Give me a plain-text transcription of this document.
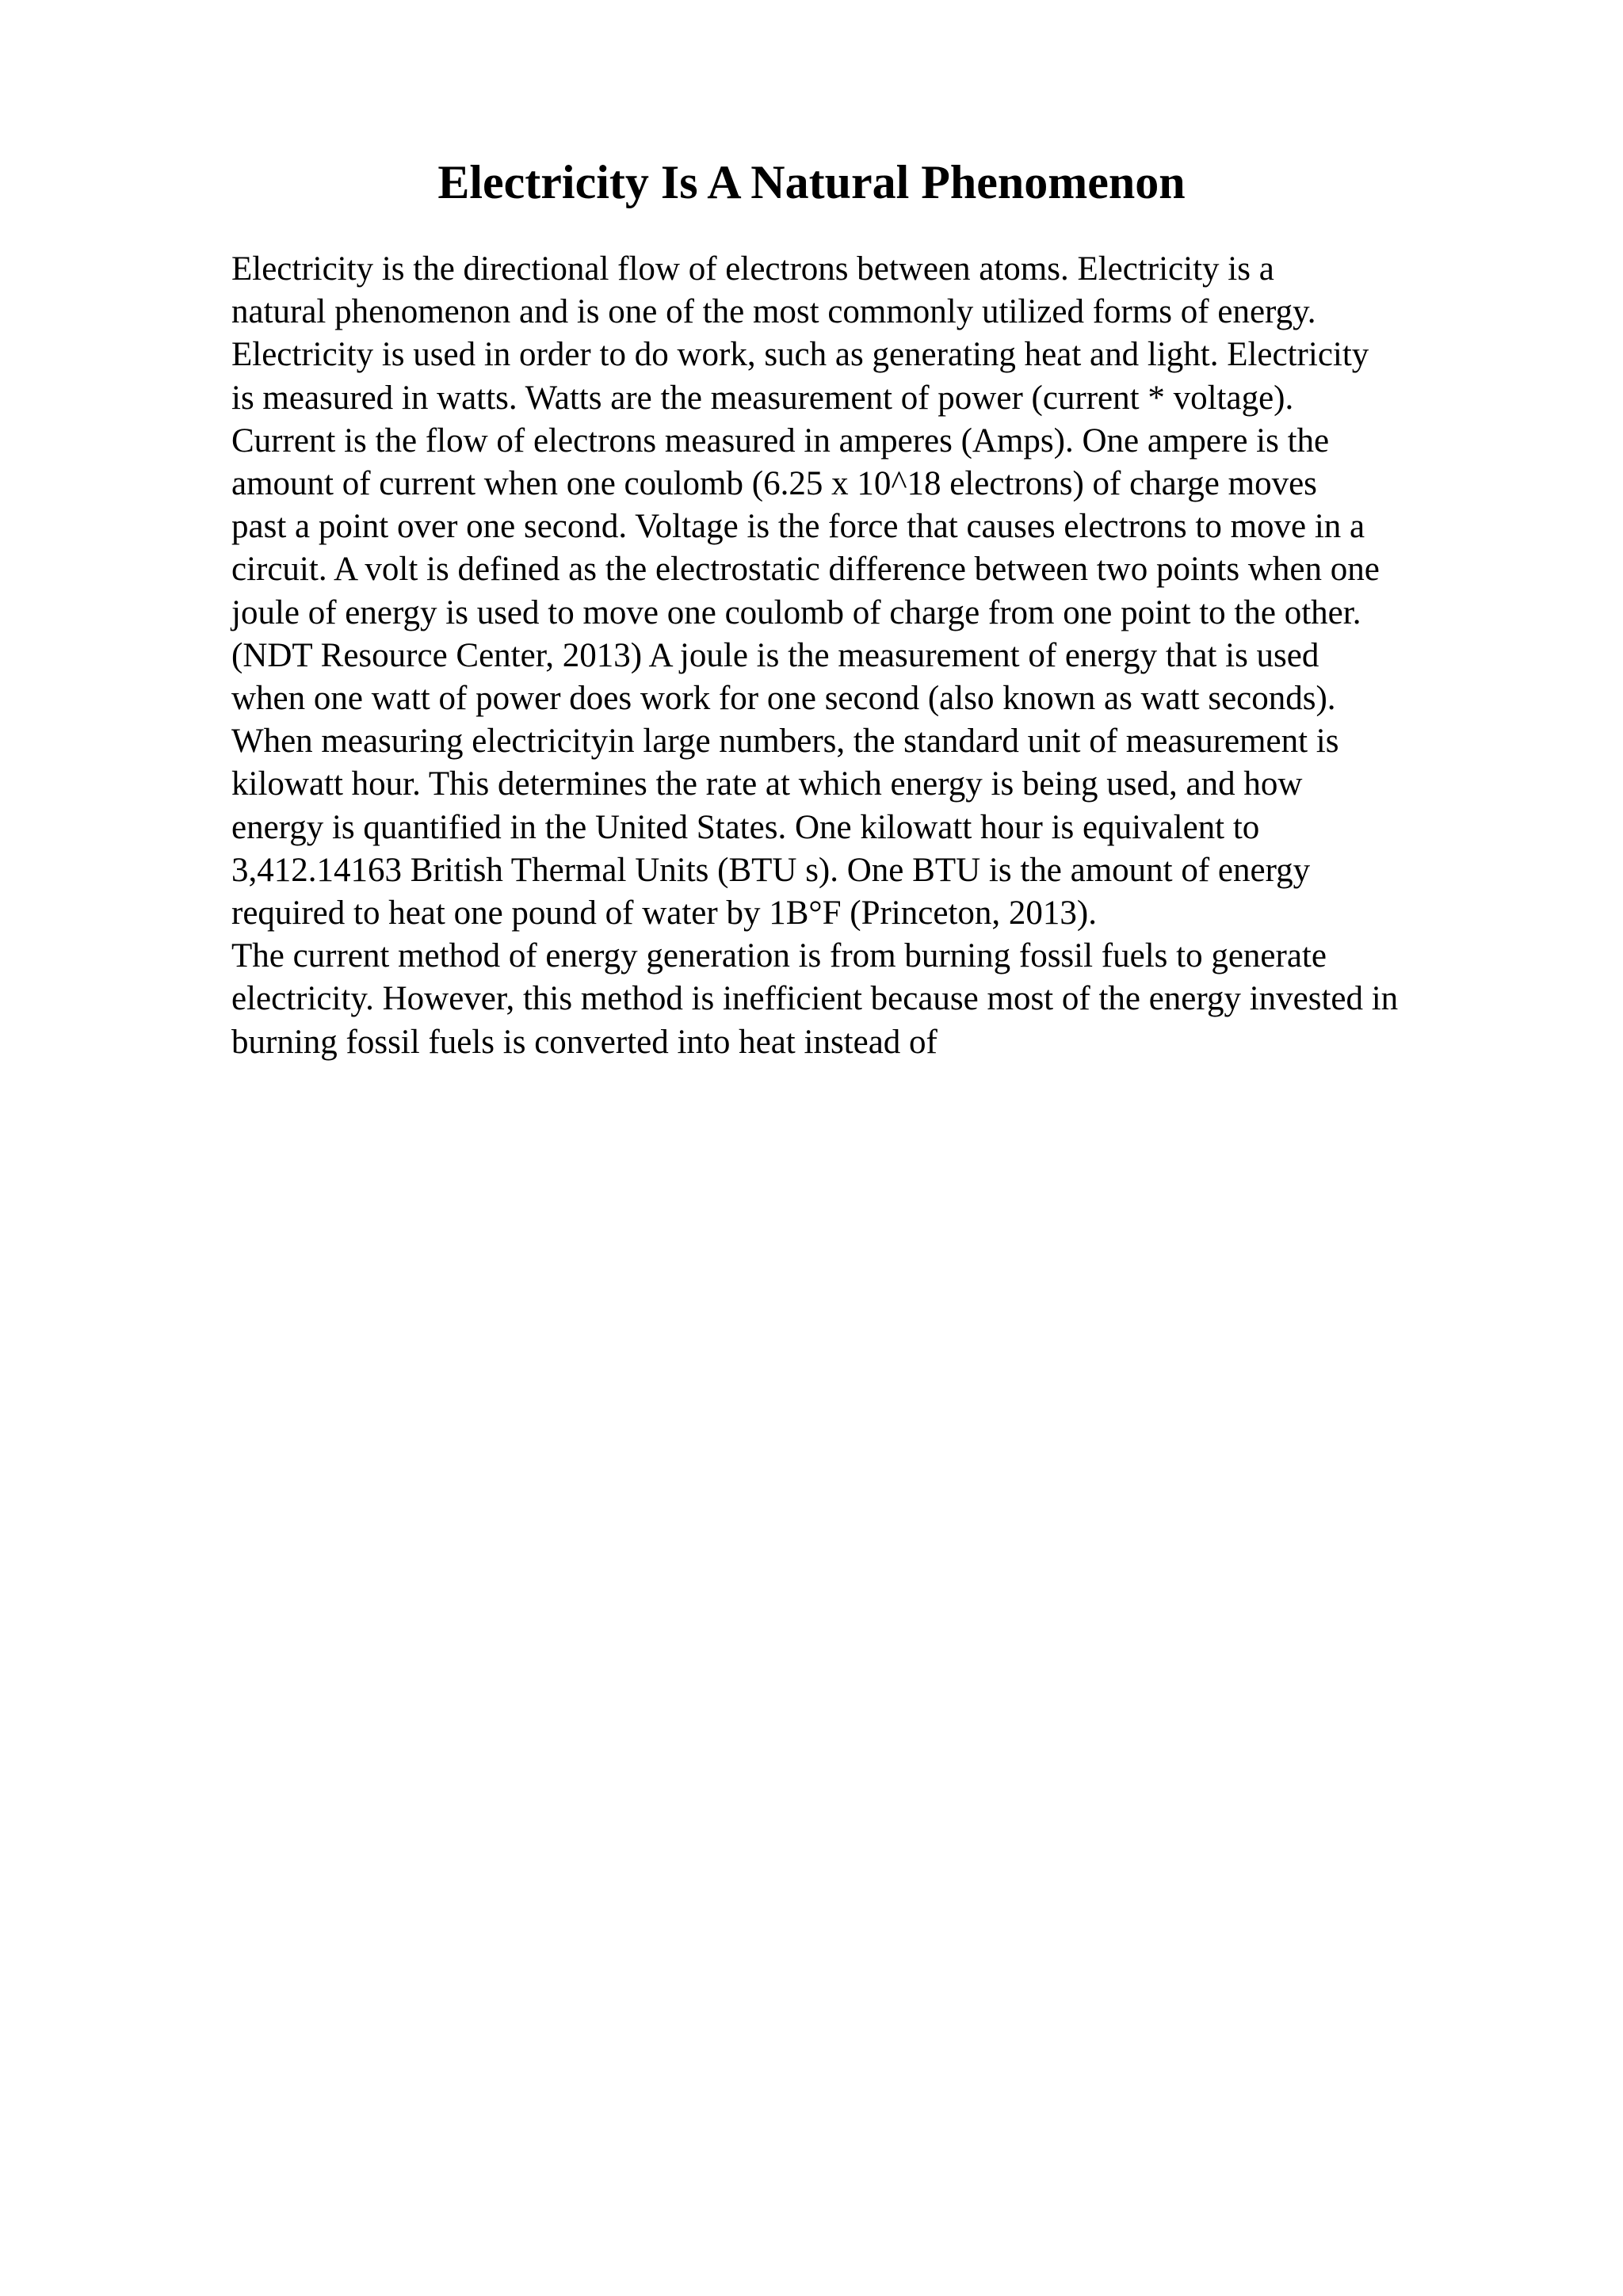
Electricity Is A Natural Phenomenon
Electricity is the directional flow of electrons between atoms. Electricity is a
natural phenomenon and is one of the most commonly utilized forms of energy.
Electricity is used in order to do work, such as generating heat and light. Electricity
is measured in watts. Watts are the measurement of power (current * voltage).
Current is the flow of electrons measured in amperes (Amps). One ampere is the
amount of current when one coulomb (6.25 x 10^18 electrons) of charge moves
past a point over one second. Voltage is the force that causes electrons to move in a
circuit. A volt is defined as the electrostatic difference between two points when one
joule of energy is used to move one coulomb of charge from one point to the other.
(NDT Resource Center, 2013) A joule is the measurement of energy that is used
when one watt of power does work for one second (also known as watt seconds).
When measuring electricityin large numbers, the standard unit of measurement is
kilowatt hour. This determines the rate at which energy is being used, and how
energy is quantified in the United States. One kilowatt hour is equivalent to
3,412.14163 British Thermal Units (BTU s). One BTU is the amount of energy
required to heat one pound of water by 1B°F (Princeton, 2013).
The current method of energy generation is from burning fossil fuels to generate
electricity. However, this method is inefficient because most of the energy invested in
burning fossil fuels is converted into heat instead of
